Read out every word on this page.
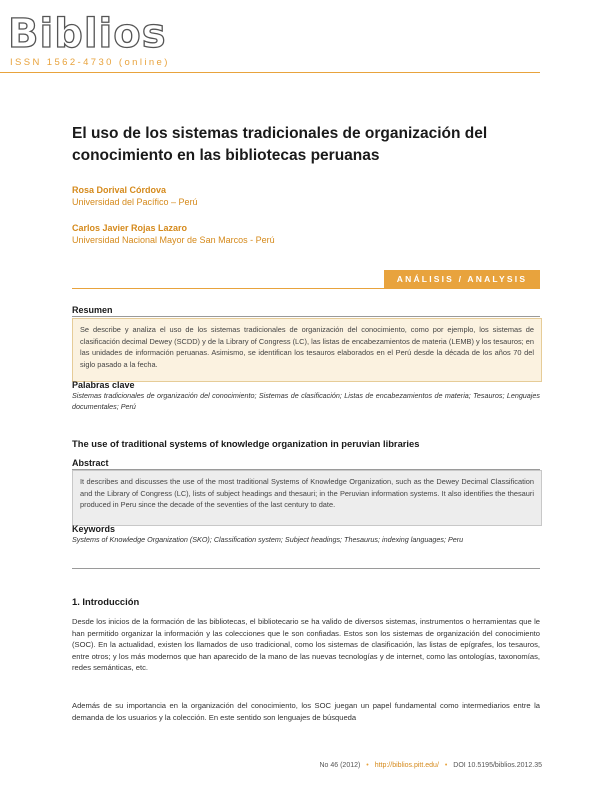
Biblios
ISSN 1562-4730 (online)
El uso de los sistemas tradicionales de organización del conocimiento en las bibliotecas peruanas
Rosa Dorival Córdova
Universidad del Pacífico – Perú
Carlos Javier Rojas Lazaro
Universidad Nacional Mayor de San Marcos - Perú
ANÁLISIS / ANALYSIS
Resumen
Se describe y analiza el uso de los sistemas tradicionales de organización del conocimiento, como por ejemplo, los sistemas de clasificación decimal Dewey (SCDD) y de la Library of Congress (LC), las listas de encabezamientos de materia (LEMB) y los tesauros; en las unidades de información peruanas. Asimismo, se identifican los tesauros elaborados en el Perú desde la década de los años 70 del siglo pasado a la fecha.
Palabras clave
Sistemas tradicionales de organización del conocimiento; Sistemas de clasificación; Listas de encabezamientos de materia; Tesauros; Lenguajes documentales; Perú
The use of traditional systems of knowledge organization in peruvian libraries
Abstract
It describes and discusses the use of the most traditional Systems of Knowledge Organization, such as the Dewey Decimal Classification and the Library of Congress (LC), lists of subject headings and thesauri; in the Peruvian information systems. It also identifies the thesauri produced in Peru since the decade of the seventies of the last century to date.
Keywords
Systems of Knowledge Organization (SKO); Classification system; Subject headings; Thesaurus; indexing languages; Peru
1. Introducción

Desde los inicios de la formación de las bibliotecas, el bibliotecario se ha valido de diversos sistemas, instrumentos o herramientas que le han permitido organizar la información y las colecciones que le son confiadas. Estos son los sistemas de organización del conocimiento (SOC). En la actualidad, existen los llamados de uso tradicional, como los sistemas de clasificación, las listas de epígrafes, los tesauros, entre otros; y los más modernos que han aparecido de la mano de las nuevas tecnologías y de internet, como las ontologías, taxonomías, redes semánticas, etc.

Además de su importancia en la organización del conocimiento, los SOC juegan un papel fundamental como intermediarios entre la demanda de los usuarios y la colección. En este sentido son lenguajes de búsqueda

No 46 (2012) • http://biblios.pitt.edu/ • DOI 10.5195/biblios.2012.35
